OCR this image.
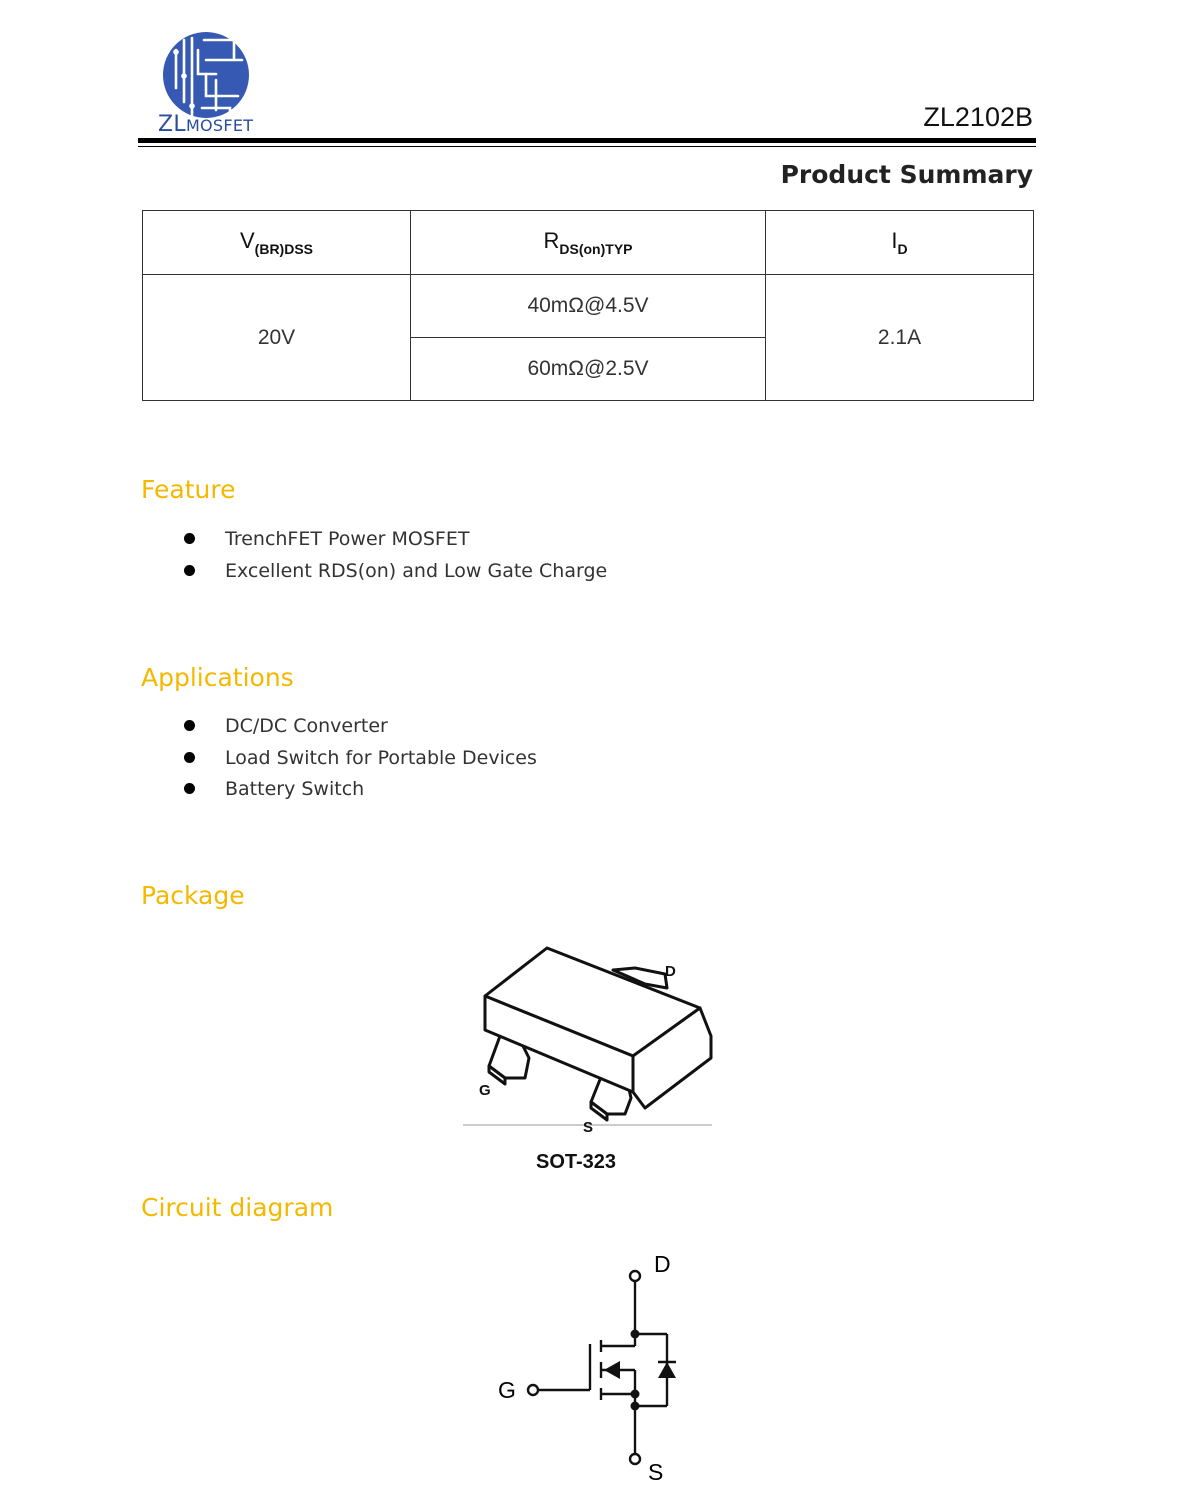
ZLMOSFET	ZL2102B
Product Summary
$V_{(BR)DSS}$	$R_{DS(on)TYP}$	$I_D$
20V	40mΩ@4.5V	2.1A
	60mΩ@2.5V	
Feature
TrenchFET Power MOSFET
Excellent RDS(on) and Low Gate Charge
Applications
DC/DC Converter
Load Switch for Portable Devices
Battery Switch
Package
D
G
S
SOT-323
Circuit diagram
D
G
S
